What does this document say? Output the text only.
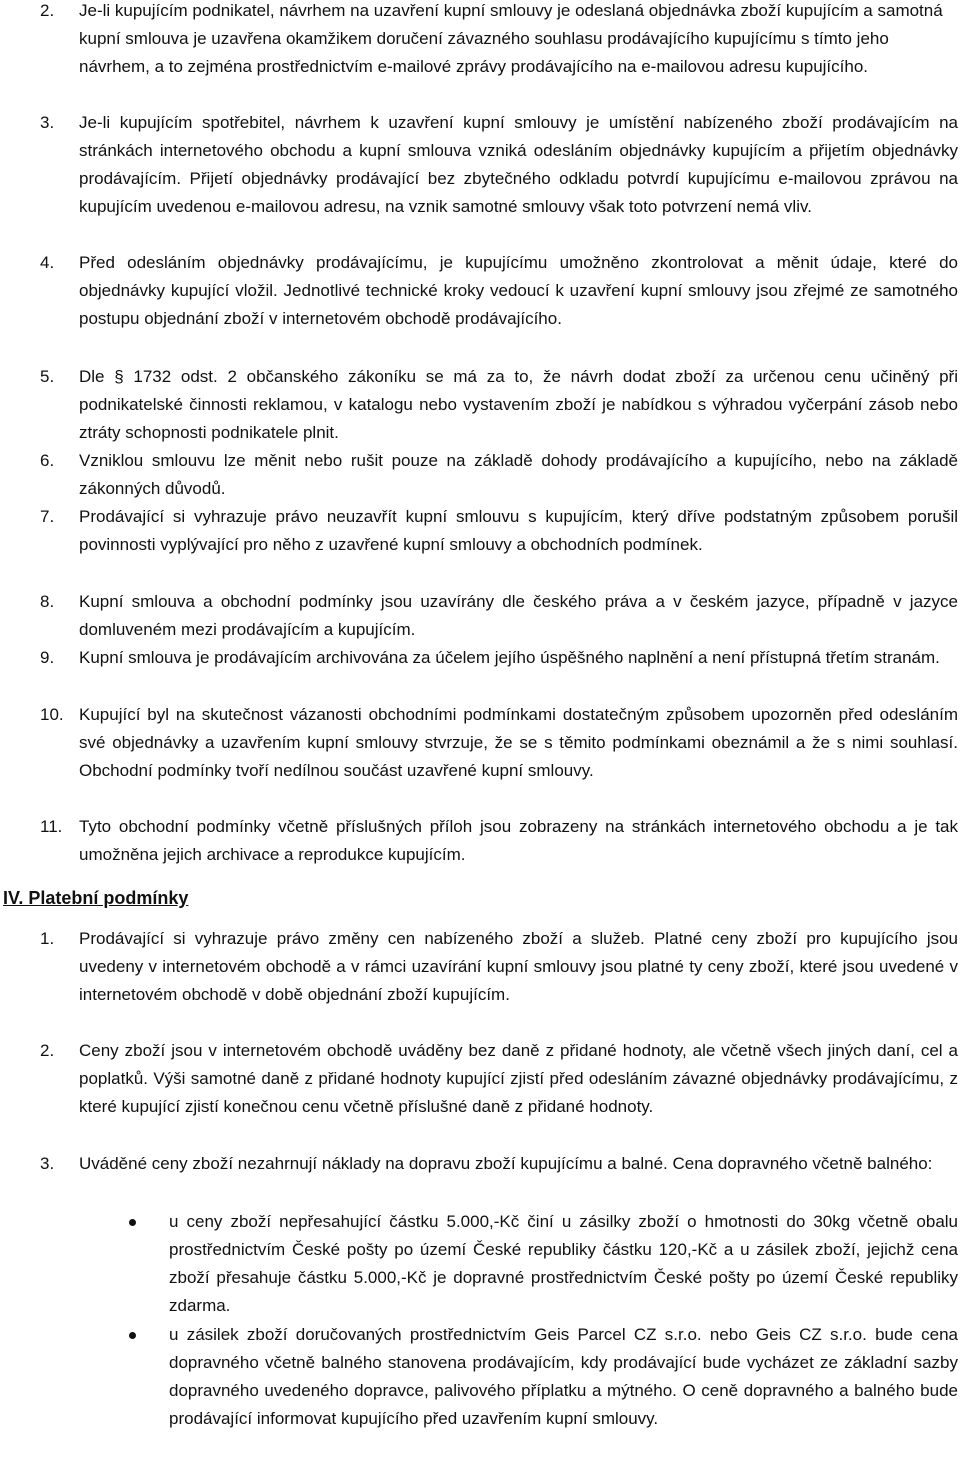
2.	Je-li kupujícím podnikatel, návrhem na uzavření kupní smlouvy je odeslaná objednávka zboží kupujícím a samotná kupní smlouva je uzavřena okamžikem doručení závazného souhlasu prodávajícího kupujícímu s tímto jeho návrhem, a to zejména prostřednictvím e-mailové zprávy prodávajícího na e-mailovou adresu kupujícího.
3.	Je-li kupujícím spotřebitel, návrhem k uzavření kupní smlouvy je umístění nabízeného zboží prodávajícím na stránkách internetového obchodu a kupní smlouva vzniká odesláním objednávky kupujícím a přijetím objednávky prodávajícím. Přijetí objednávky prodávající bez zbytečného odkladu potvrdí kupujícímu e-mailovou zprávou na kupujícím uvedenou e-mailovou adresu, na vznik samotné smlouvy však toto potvrzení nemá vliv.
4.	Před odesláním objednávky prodávajícímu, je kupujícímu umožněno zkontrolovat a měnit údaje, které do objednávky kupující vložil. Jednotlivé technické kroky vedoucí k uzavření kupní smlouvy jsou zřejmé ze samotného postupu objednání zboží v internetovém obchodě prodávajícího.
5.	Dle § 1732 odst. 2 občanského zákoníku se má za to, že návrh dodat zboží za určenou cenu učiněný při podnikatelské činnosti reklamou, v katalogu nebo vystavením zboží je nabídkou s výhradou vyčerpání zásob nebo ztráty schopnosti podnikatele plnit.
6.	Vzniklou smlouvu lze měnit nebo rušit pouze na základě dohody prodávajícího a kupujícího, nebo na základě zákonných důvodů.
7.	Prodávající si vyhrazuje právo neuzavřít kupní smlouvu s kupujícím, který dříve podstatným způsobem porušil povinnosti vyplývající pro něho z uzavřené kupní smlouvy a obchodních podmínek.
8.	Kupní smlouva a obchodní podmínky jsou uzavírány dle českého práva a v českém jazyce, případně v jazyce domluveném mezi prodávajícím a kupujícím.
9.	Kupní smlouva je prodávajícím archivována za účelem jejího úspěšného naplnění a není přístupná třetím stranám.
10. Kupující byl na skutečnost vázanosti obchodními podmínkami dostatečným způsobem upozorněn před odesláním své objednávky a uzavřením kupní smlouvy stvrzuje, že se s těmito podmínkami obeznámil a že s nimi souhlasí. Obchodní podmínky tvoří nedílnou součást uzavřené kupní smlouvy.
11. Tyto obchodní podmínky včetně příslušných příloh jsou zobrazeny na stránkách internetového obchodu a je tak umožněna jejich archivace a reprodukce kupujícím.
IV. Platební podmínky
1.	Prodávající si vyhrazuje právo změny cen nabízeného zboží a služeb. Platné ceny zboží pro kupujícího jsou uvedeny v internetovém obchodě a v rámci uzavírání kupní smlouvy jsou platné ty ceny zboží, které jsou uvedené v internetovém obchodě v době objednání zboží kupujícím.
2.	Ceny zboží jsou v internetovém obchodě uváděny bez daně z přidané hodnoty, ale včetně všech jiných daní, cel a poplatků. Výši samotné daně z přidané hodnoty kupující zjistí před odesláním závazné objednávky prodávajícímu, z které kupující zjistí konečnou cenu včetně příslušné daně z přidané hodnoty.
3.	Uváděné ceny zboží nezahrnují náklady na dopravu zboží kupujícímu a balné. Cena dopravného včetně balného:
u ceny zboží nepřesahující částku 5.000,-Kč činí u zásilky zboží o hmotnosti do 30kg včetně obalu prostřednictvím České pošty po území České republiky částku 120,-Kč a u zásilek zboží, jejichž cena zboží přesahuje částku 5.000,-Kč je dopravné prostřednictvím České pošty po území České republiky zdarma.
u zásilek zboží doručovaných prostřednictvím Geis Parcel CZ s.r.o. nebo Geis CZ s.r.o. bude cena dopravného včetně balného stanovena prodávajícím, kdy prodávající bude vycházet ze základní sazby dopravného uvedeného dopravce, palivového příplatku a mýtného. O ceně dopravného a balného bude prodávající informovat kupujícího před uzavřením kupní smlouvy.
